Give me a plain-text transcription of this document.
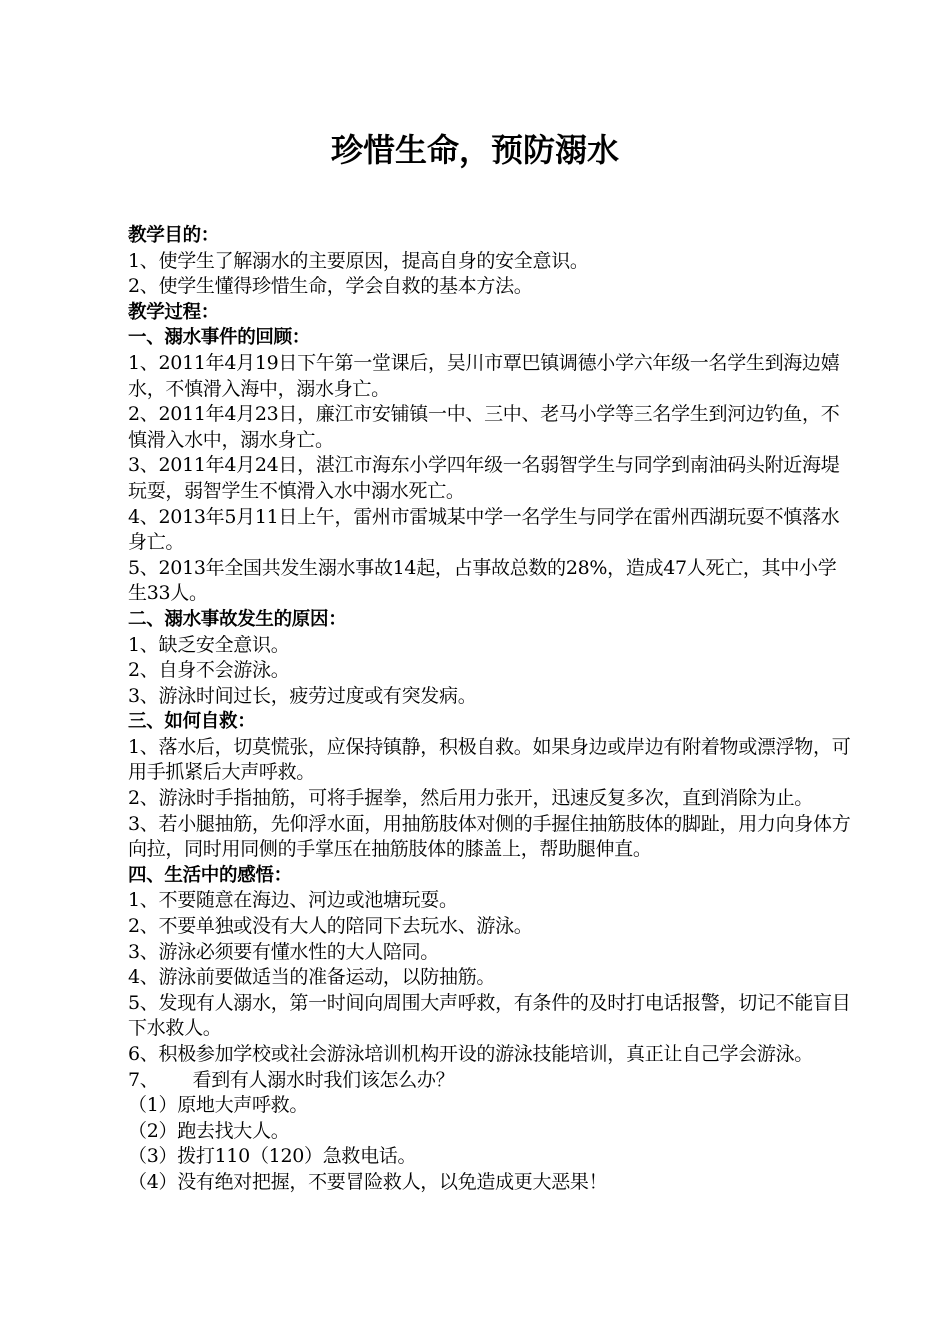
珍惜生命，预防溺水
教学目的：
1、使学生了解溺水的主要原因，提高自身的安全意识。
2、使学生懂得珍惜生命，学会自救的基本方法。
教学过程：
一、溺水事件的回顾：
1、2011年4月19日下午第一堂课后，吴川市覃巴镇调德小学六年级一名学生到海边嬉水，不慎滑入海中，溺水身亡。
2、2011年4月23日，廉江市安铺镇一中、三中、老马小学等三名学生到河边钓鱼，不慎滑入水中，溺水身亡。
3、2011年4月24日，湛江市海东小学四年级一名弱智学生与同学到南油码头附近海堤玩耍，弱智学生不慎滑入水中溺水死亡。
4、2013年5月11日上午，雷州市雷城某中学一名学生与同学在雷州西湖玩耍不慎落水身亡。
5、2013年全国共发生溺水事故14起，占事故总数的28%，造成47人死亡，其中小学生33人。
二、溺水事故发生的原因：
1、缺乏安全意识。
2、自身不会游泳。
3、游泳时间过长，疲劳过度或有突发病。
三、如何自救：
1、落水后，切莫慌张，应保持镇静，积极自救。如果身边或岸边有附着物或漂浮物，可用手抓紧后大声呼救。
2、游泳时手指抽筋，可将手握拳，然后用力张开，迅速反复多次，直到消除为止。
3、若小腿抽筋，先仰浮水面，用抽筋肢体对侧的手握住抽筋肢体的脚趾，用力向身体方向拉，同时用同侧的手掌压在抽筋肢体的膝盖上，帮助腿伸直。
四、生活中的感悟：
1、不要随意在海边、河边或池塘玩耍。
2、不要单独或没有大人的陪同下去玩水、游泳。
3、游泳必须要有懂水性的大人陪同。
4、游泳前要做适当的准备运动，以防抽筋。
5、发现有人溺水，第一时间向周围大声呼救，有条件的及时打电话报警，切记不能盲目下水救人。
6、积极参加学校或社会游泳培训机构开设的游泳技能培训，真正让自己学会游泳。
7、 看到有人溺水时我们该怎么办？
（1）原地大声呼救。
（2）跑去找大人。
（3）拨打110（120）急救电话。
（4）没有绝对把握，不要冒险救人，以免造成更大恶果！
